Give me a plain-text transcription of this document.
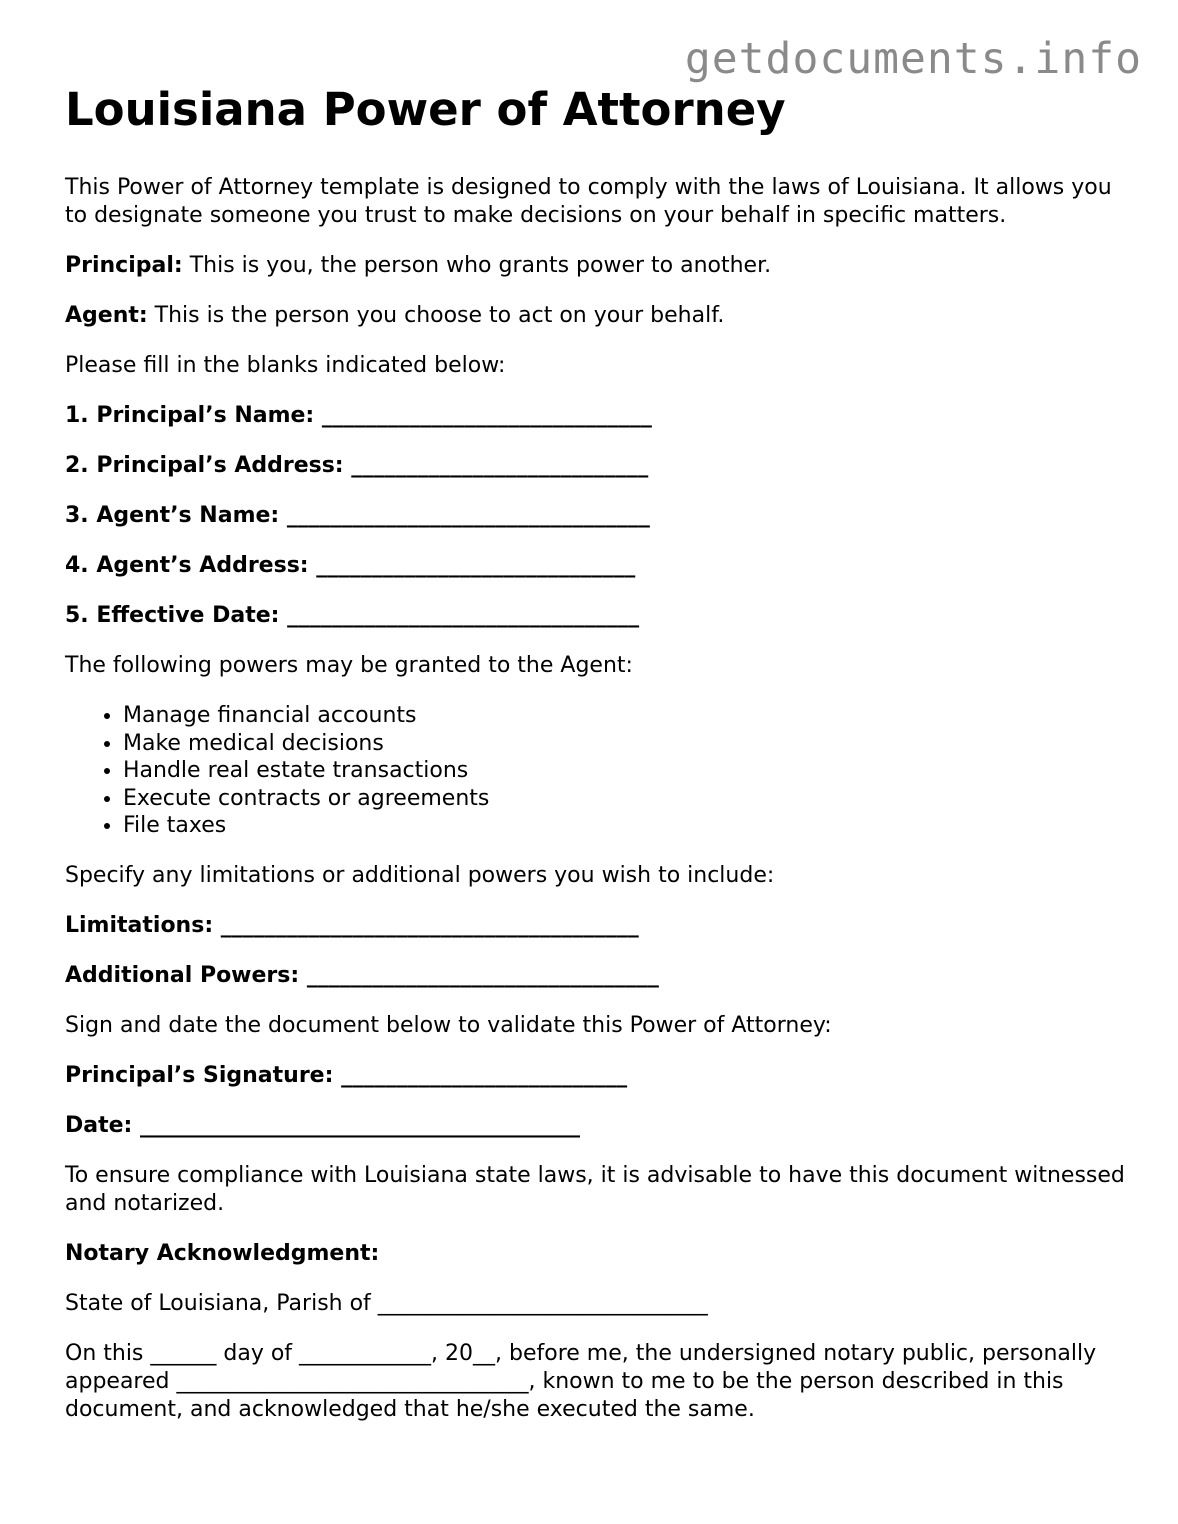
getdocuments.info
Louisiana Power of Attorney

This Power of Attorney template is designed to comply with the laws of Louisiana. It allows you to designate someone you trust to make decisions on your behalf in specific matters.

Principal: This is you, the person who grants power to another.

Agent: This is the person you choose to act on your behalf.

Please fill in the blanks indicated below:

1. Principal’s Name: ______________________________
2. Principal’s Address: ___________________________
3. Agent’s Name: _________________________________
4. Agent’s Address: _____________________________
5. Effective Date: ________________________________

The following powers may be granted to the Agent:

• Manage financial accounts
• Make medical decisions
• Handle real estate transactions
• Execute contracts or agreements
• File taxes

Specify any limitations or additional powers you wish to include:

Limitations: ______________________________________
Additional Powers: ________________________________

Sign and date the document below to validate this Power of Attorney:

Principal’s Signature: __________________________
Date: ________________________________________

To ensure compliance with Louisiana state laws, it is advisable to have this document witnessed and notarized.

Notary Acknowledgment:

State of Louisiana, Parish of ______________________________

On this ______ day of ____________, 20__, before me, the undersigned notary public, personally appeared ________________________________, known to me to be the person described in this document, and acknowledged that he/she executed the same.
